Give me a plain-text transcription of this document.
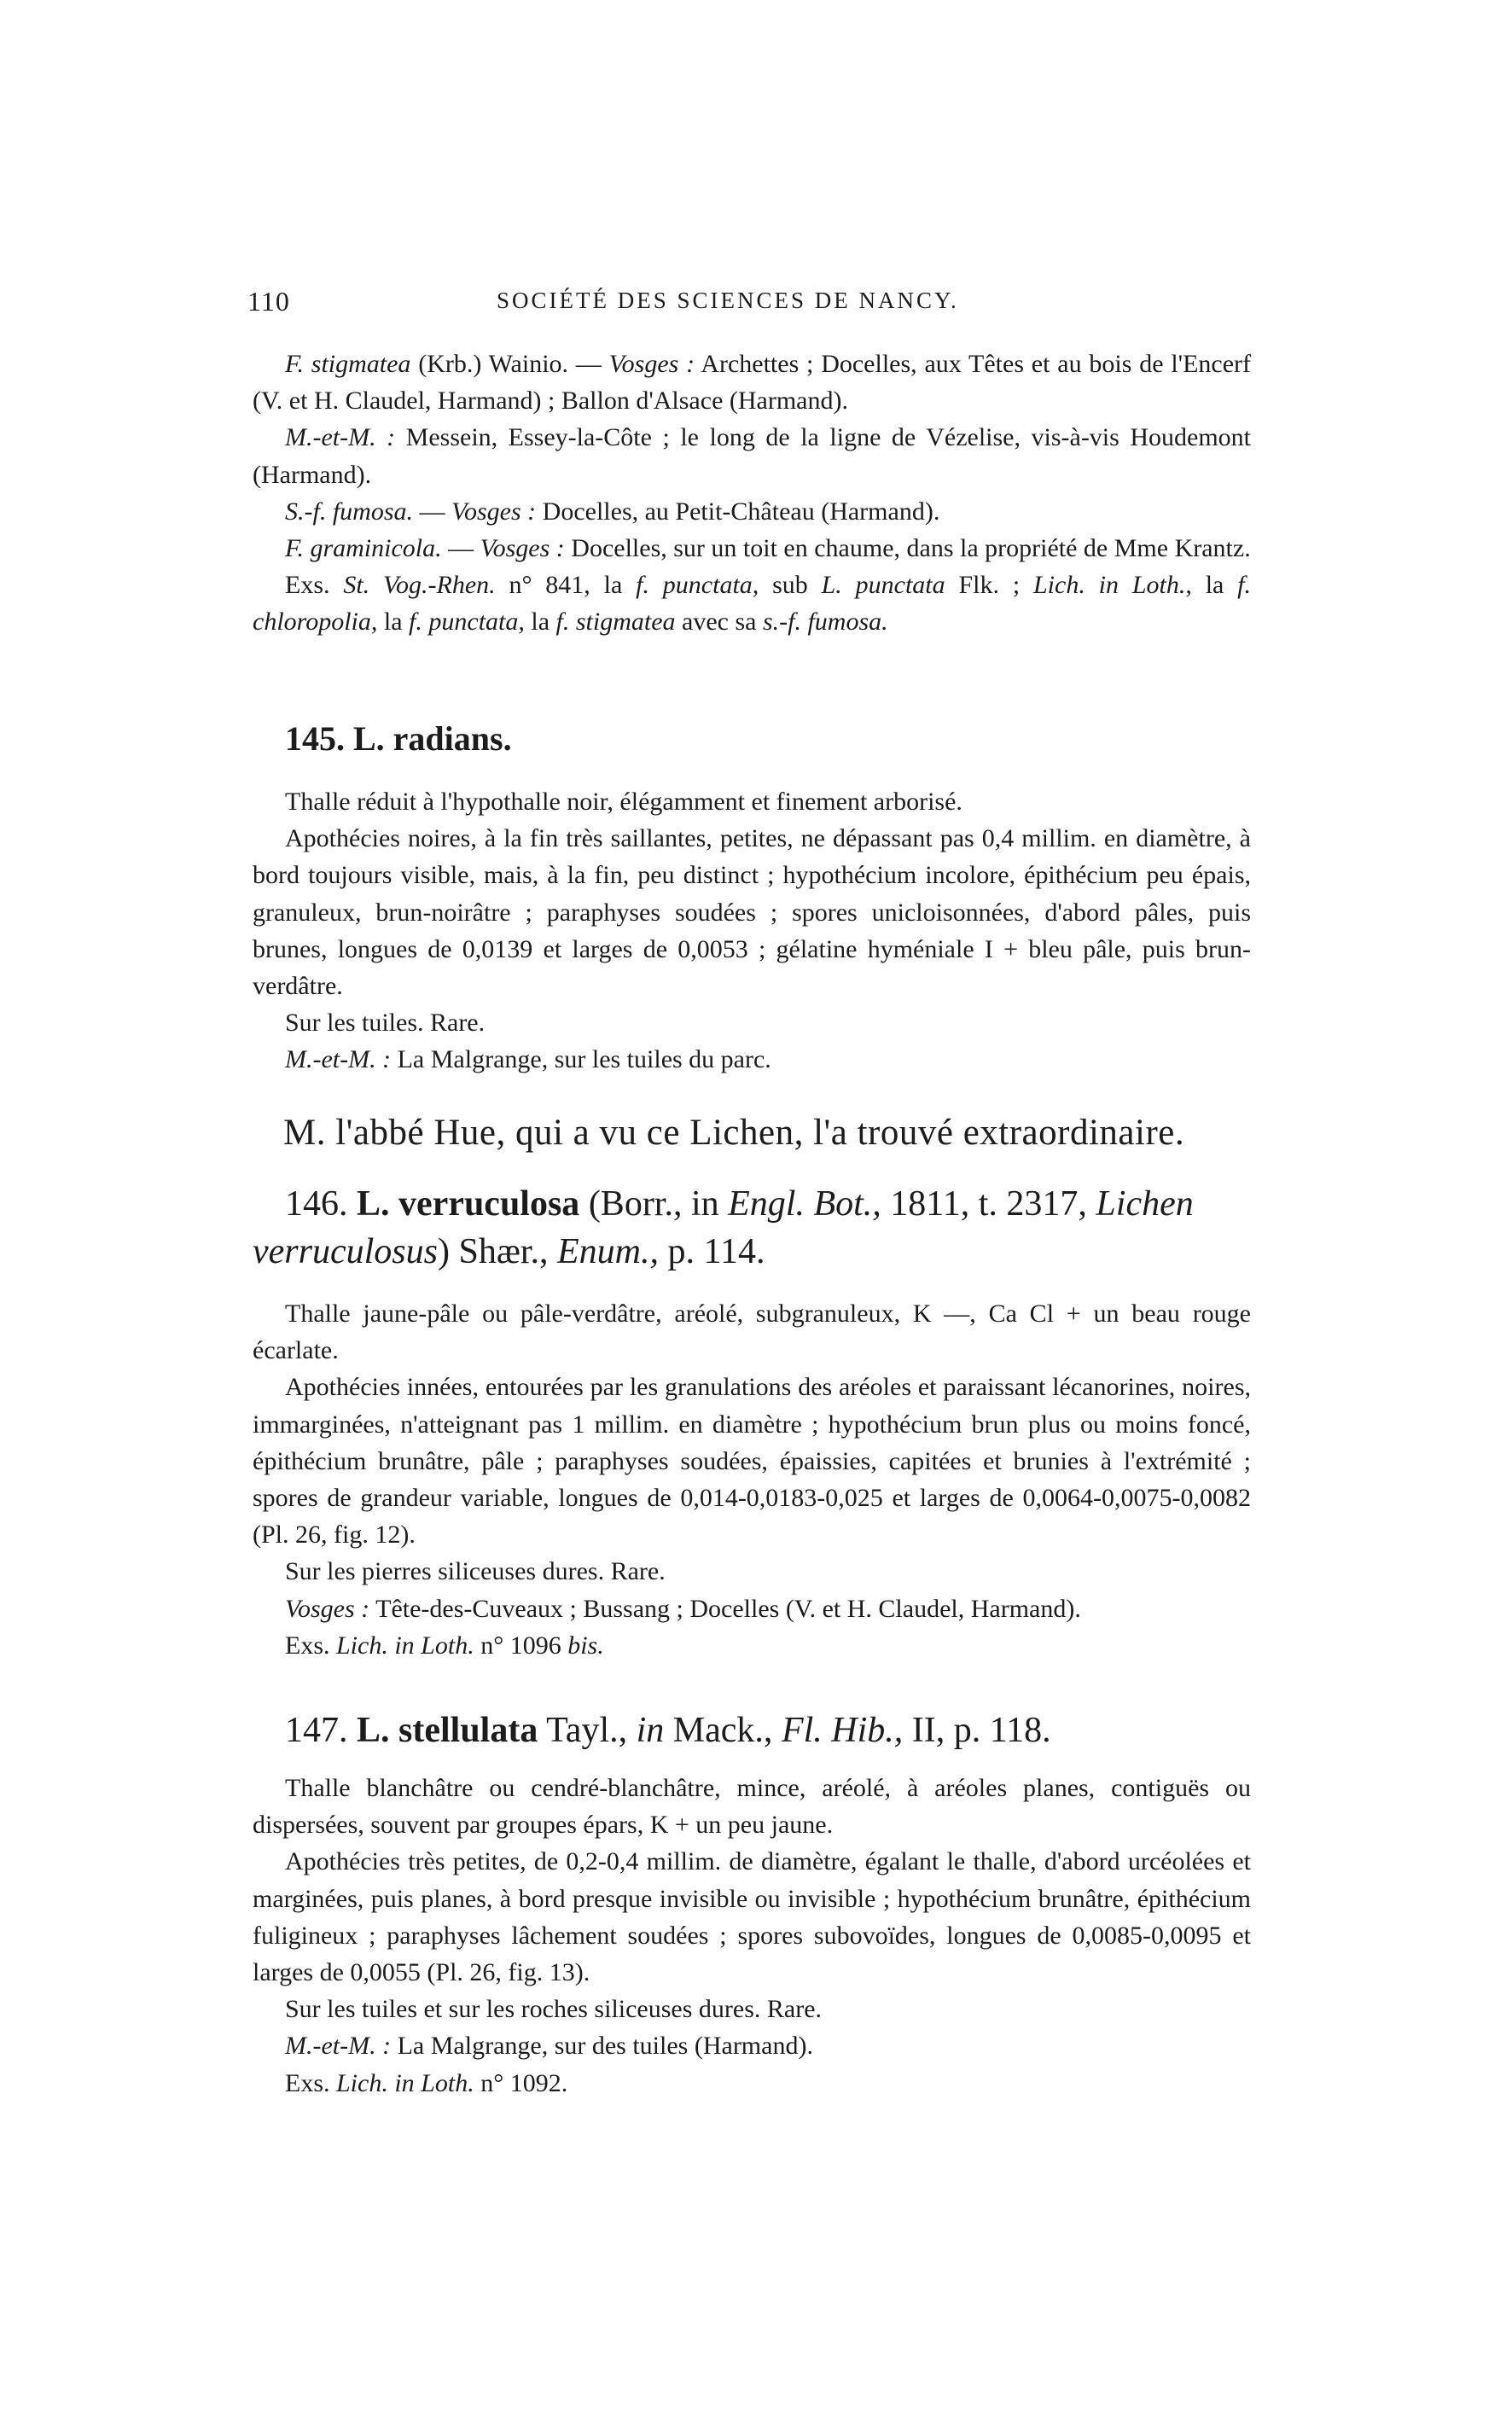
110	SOCIÉTÉ DES SCIENCES DE NANCY.

F. stigmatea (Krb.) Wainio. — Vosges : Archettes ; Docelles, aux Têtes et au bois de l'Encerf (V. et H. Claudel, Harmand) ; Ballon d'Alsace (Harmand).

M.-et-M. : Messein, Essey-la-Côte ; le long de la ligne de Vézelise, vis-à-vis Houdemont (Harmand).

S.-f. fumosa. — Vosges : Docelles, au Petit-Château (Harmand).

F. graminicola. — Vosges : Docelles, sur un toit en chaume, dans la propriété de Mme Krantz.

Exs. St. Vog.-Rhen. n° 841, la f. punctata, sub L. punctata Flk. ; Lich. in Loth., la f. chloropolia, la f. punctata, la f. stigmatea avec sa s.-f. fumosa.

145. L. radians.

Thalle réduit à l'hypothalle noir, élégamment et finement arborisé.

Apothécies noires, à la fin très saillantes, petites, ne dépassant pas 0,4 millim. en diamètre, à bord toujours visible, mais, à la fin, peu distinct ; hypothécium incolore, épithécium peu épais, granuleux, brun-noirâtre ; paraphyses soudées ; spores unicloisonnées, d'abord pâles, puis brunes, longues de 0,0139 et larges de 0,0053 ; gélatine hyméniale I + bleu pâle, puis brun-verdâtre.

Sur les tuiles. Rare.

M.-et-M. : La Malgrange, sur les tuiles du parc.

M. l'abbé Hue, qui a vu ce Lichen, l'a trouvé extraordinaire.
146. L. verruculosa (Borr., in Engl. Bot., 1811, t. 2317, Lichen verruculosus) Shær., Enum., p. 114.

Thalle jaune-pâle ou pâle-verdâtre, aréolé, subgranuleux, K —, Ca Cl + un beau rouge écarlate.

Apothécies innées, entourées par les granulations des aréoles et paraissant lécanorines, noires, immarginées, n'atteignant pas 1 millim. en diamètre ; hypothécium brun plus ou moins foncé, épithécium brunâtre, pâle ; paraphyses soudées, épaissies, capitées et brunies à l'extrémité ; spores de grandeur variable, longues de 0,014-0,0183-0,025 et larges de 0,0064-0,0075-0,0082 (Pl. 26, fig. 12).

Sur les pierres siliceuses dures. Rare.

Vosges : Tête-des-Cuveaux ; Bussang ; Docelles (V. et H. Claudel, Harmand).

Exs. Lich. in Loth. n° 1096 bis.

147. L. stellulata Tayl., in Mack., Fl. Hib., II, p. 118.

Thalle blanchâtre ou cendré-blanchâtre, mince, aréolé, à aréoles planes, contiguës ou dispersées, souvent par groupes épars, K + un peu jaune.

Apothécies très petites, de 0,2-0,4 millim. de diamètre, égalant le thalle, d'abord urcéolées et marginées, puis planes, à bord presque invisible ou invisible ; hypothécium brunâtre, épithécium fuligineux ; paraphyses lâchement soudées ; spores subovoïdes, longues de 0,0085-0,0095 et larges de 0,0055 (Pl. 26, fig. 13).

Sur les tuiles et sur les roches siliceuses dures. Rare.

M.-et-M. : La Malgrange, sur des tuiles (Harmand).

Exs. Lich. in Loth. n° 1092.
